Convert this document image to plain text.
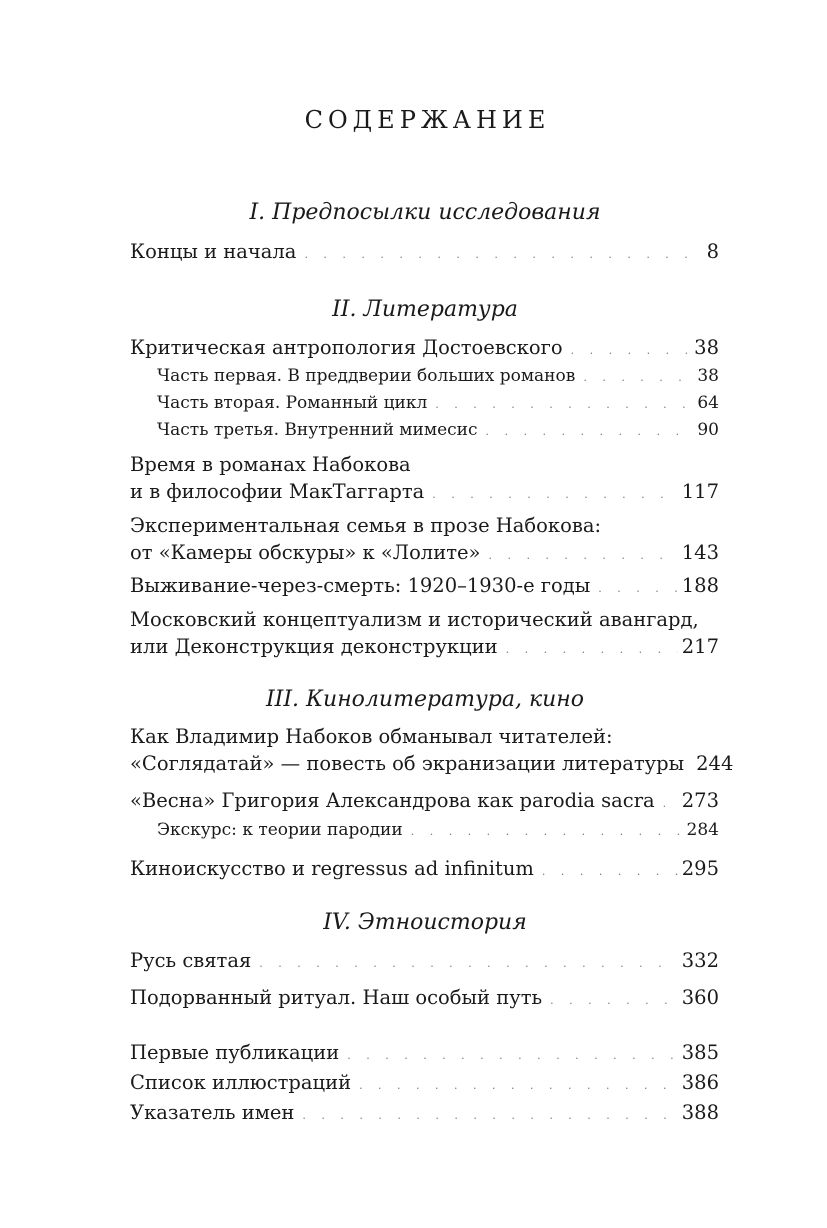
СОДЕРЖАНИЕ
I. Предпосылки исследования
Концы и начала . . .	8
II. Литература
Критическая антропология Достоевского . . .	38
Часть первая. В преддверии больших романов . . .	38
Часть вторая. Романный цикл . . .	64
Часть третья. Внутренний мимесис . . .	90
Время в романах Набокова
и в философии МакТаггарта . . .	117
Экспериментальная семья в прозе Набокова:
от «Камеры обскуры» к «Лолите» . . .	143
Выживание-через-смерть: 1920–1930-е годы . . .	188
Московский концептуализм и исторический авангард,
или Деконструкция деконструкции . . .	217
III. Кинолитература, кино
Как Владимир Набоков обманывал читателей:
«Соглядатай» — повесть об экранизации литературы 244
«Весна» Григория Александрова как parodia sacra . . . 273
Экскурс: к теории пародии . . .	284
Киноискусство и regressus ad infinitum . . .	295
IV. Этноистория
Русь святая . . .	332
Подорванный ритуал. Наш особый путь . . .	360
Первые публикации . . .	385
Список иллюстраций . . .	386
Указатель имен . . .	388
